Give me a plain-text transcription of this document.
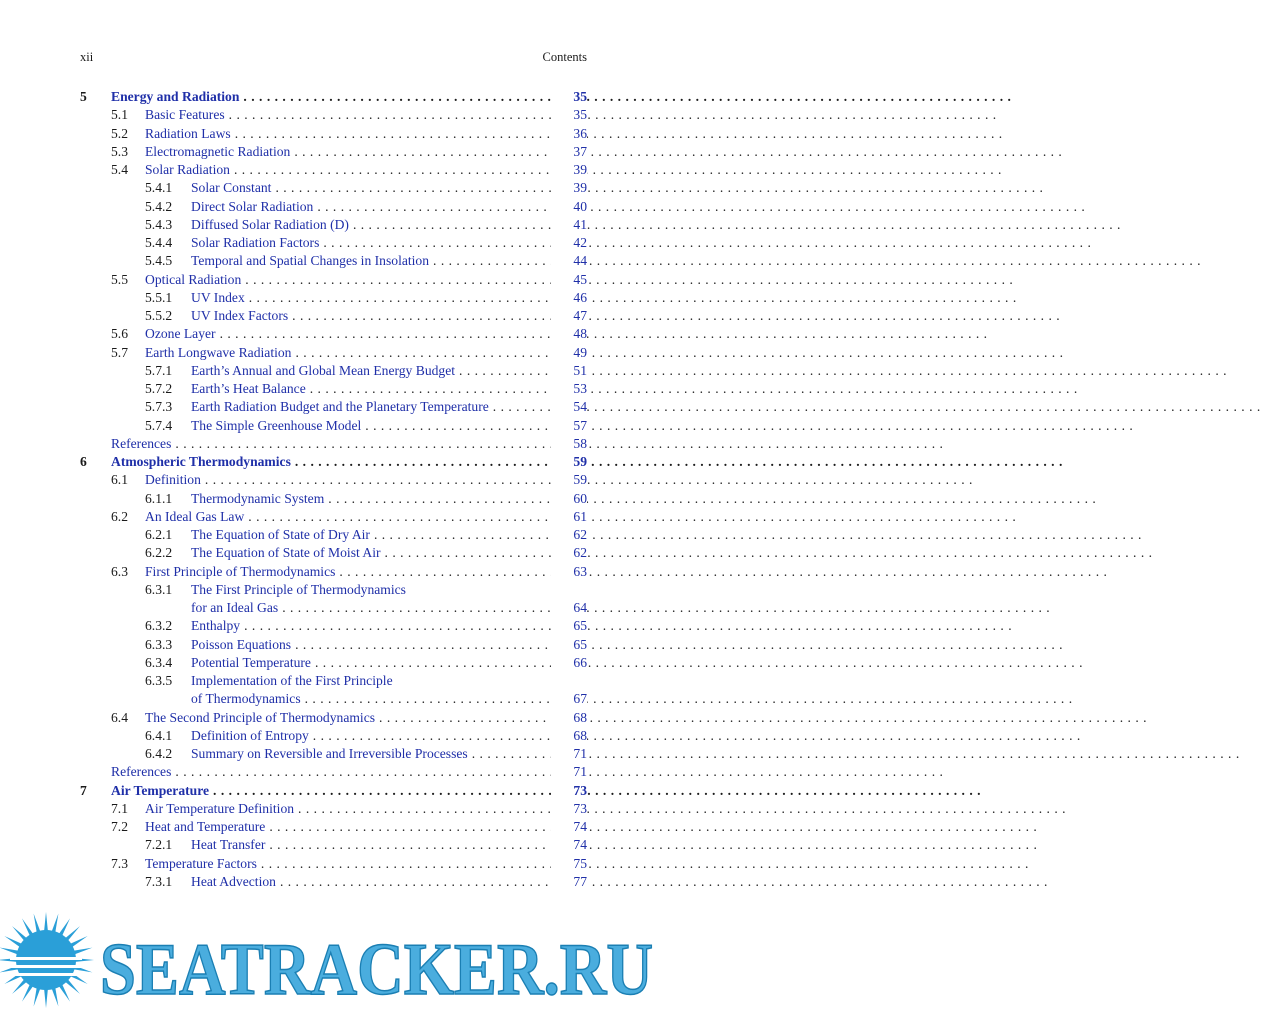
xii	Contents
5 Energy and Radiation . . .	35
5.1 Basic Features . . .	35
5.2 Radiation Laws . . .	36
5.3 Electromagnetic Radiation . . .	37
5.4 Solar Radiation . . .	39
5.4.1 Solar Constant . . .	39
5.4.2 Direct Solar Radiation . . .	40
5.4.3 Diffused Solar Radiation (D) . . .	41
5.4.4 Solar Radiation Factors . . .	42
5.4.5 Temporal and Spatial Changes in Insolation . . .	44
5.5 Optical Radiation . . .	45
5.5.1 UV Index . . .	46
5.5.2 UV Index Factors . . .	47
5.6 Ozone Layer . . .	48
5.7 Earth Longwave Radiation . . .	49
5.7.1 Earth’s Annual and Global Mean Energy Budget . . .	51
5.7.2 Earth’s Heat Balance . . .	53
5.7.3 Earth Radiation Budget and the Planetary Temperature . . .	54
5.7.4 The Simple Greenhouse Model . . .	57
References . . .	58
6 Atmospheric Thermodynamics . . .	59
6.1 Definition . . .	59
6.1.1 Thermodynamic System . . .	60
6.2 An Ideal Gas Law . . .	61
6.2.1 The Equation of State of Dry Air . . .	62
6.2.2 The Equation of State of Moist Air . . .	62
6.3 First Principle of Thermodynamics . . .	63
6.3.1 The First Principle of Thermodynamics
for an Ideal Gas . . .	64
6.3.2 Enthalpy . . .	65
6.3.3 Poisson Equations . . .	65
6.3.4 Potential Temperature . . .	66
6.3.5 Implementation of the First Principle
of Thermodynamics . . .	67
6.4 The Second Principle of Thermodynamics . . .	68
6.4.1 Definition of Entropy . . .	68
6.4.2 Summary on Reversible and Irreversible Processes . . .	71
References . . .	71
7 Air Temperature . . .	73
7.1 Air Temperature Definition . . .	73
7.2 Heat and Temperature . . .	74
7.2.1 Heat Transfer . . .	74
7.3 Temperature Factors . . .	75
7.3.1 Heat Advection . . .	77
SEATRACKER.RU
